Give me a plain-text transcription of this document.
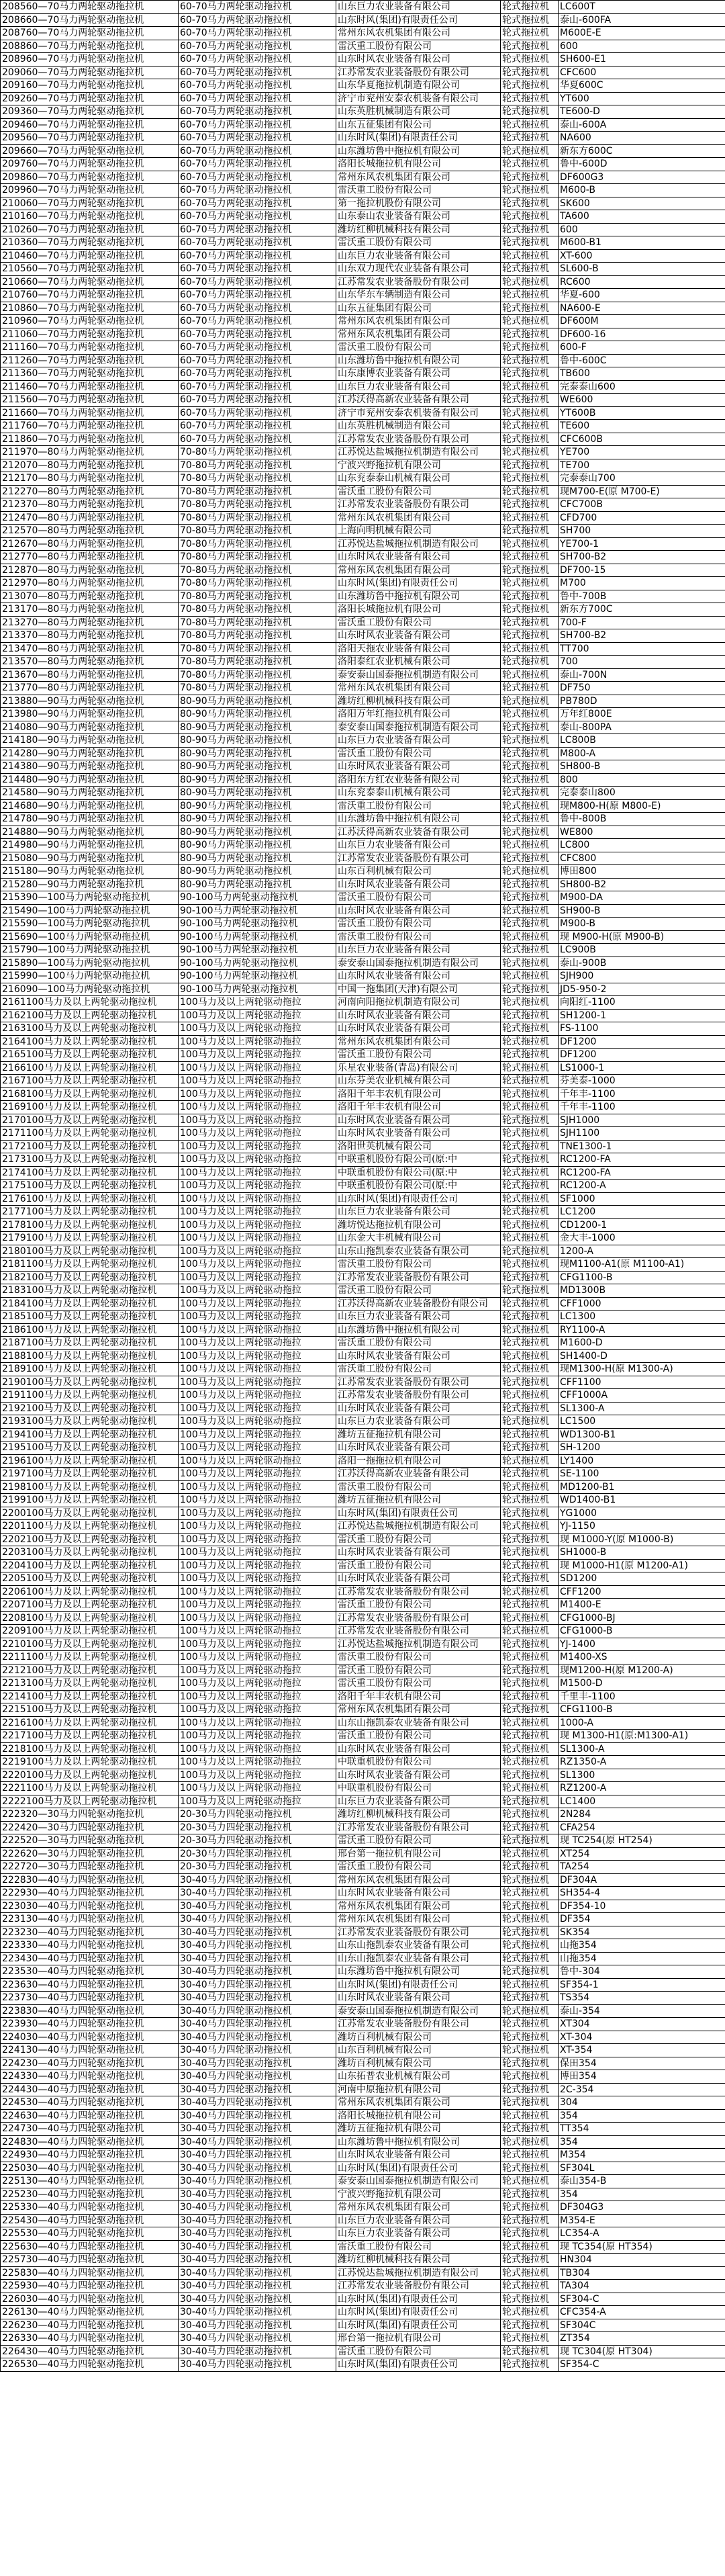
208560—70马力两轮驱动拖拉机	60-70马力两轮驱动拖拉机	山东巨力农业装备有限公司	轮式拖拉机	LC600T
208660—70马力两轮驱动拖拉机	60-70马力两轮驱动拖拉机	山东时风(集团)有限责任公司	轮式拖拉机	泰山-600FA
208760—70马力两轮驱动拖拉机	60-70马力两轮驱动拖拉机	常州东风农机集团有限公司	轮式拖拉机	M600E-E
208860—70马力两轮驱动拖拉机	60-70马力两轮驱动拖拉机	雷沃重工股份有限公司	轮式拖拉机	600
208960—70马力两轮驱动拖拉机	60-70马力两轮驱动拖拉机	山东时风农业装备有限公司	轮式拖拉机	SH600-E1
209060—70马力两轮驱动拖拉机	60-70马力两轮驱动拖拉机	江苏常发农业装备股份有限公司	轮式拖拉机	CFC600
209160—70马力两轮驱动拖拉机	60-70马力两轮驱动拖拉机	山东华夏拖拉机制造有限公司	轮式拖拉机	华夏600C
209260—70马力两轮驱动拖拉机	60-70马力两轮驱动拖拉机	济宁市兖州安泰农机装备有限公司	轮式拖拉机	YT600
209360—70马力两轮驱动拖拉机	60-70马力两轮驱动拖拉机	山东英胜机械制造有限公司	轮式拖拉机	TE600-D
209460—70马力两轮驱动拖拉机	60-70马力两轮驱动拖拉机	山东五征集团有限公司	轮式拖拉机	泰山-600A
209560—70马力两轮驱动拖拉机	60-70马力两轮驱动拖拉机	山东时风(集团)有限责任公司	轮式拖拉机	NA600
209660—70马力两轮驱动拖拉机	60-70马力两轮驱动拖拉机	山东潍坊鲁中拖拉机有限公司	轮式拖拉机	新东方600C
209760—70马力两轮驱动拖拉机	60-70马力两轮驱动拖拉机	洛阳长城拖拉机有限公司	轮式拖拉机	鲁中-600D
209860—70马力两轮驱动拖拉机	60-70马力两轮驱动拖拉机	常州东风农机集团有限公司	轮式拖拉机	DF600G3
209960—70马力两轮驱动拖拉机	60-70马力两轮驱动拖拉机	雷沃重工股份有限公司	轮式拖拉机	M600-B
210060—70马力两轮驱动拖拉机	60-70马力两轮驱动拖拉机	第一拖拉机股份有限公司	轮式拖拉机	SK600
210160—70马力两轮驱动拖拉机	60-70马力两轮驱动拖拉机	山东泰山农业装备有限公司	轮式拖拉机	TA600
210260—70马力两轮驱动拖拉机	60-70马力两轮驱动拖拉机	潍坊红柳机械科技有限公司	轮式拖拉机	600
210360—70马力两轮驱动拖拉机	60-70马力两轮驱动拖拉机	雷沃重工股份有限公司	轮式拖拉机	M600-B1
210460—70马力两轮驱动拖拉机	60-70马力两轮驱动拖拉机	山东巨力农业装备有限公司	轮式拖拉机	XT-600
210560—70马力两轮驱动拖拉机	60-70马力两轮驱动拖拉机	山东双力现代农业装备有限公司	轮式拖拉机	SL600-B
210660—70马力两轮驱动拖拉机	60-70马力两轮驱动拖拉机	江苏常发农业装备股份有限公司	轮式拖拉机	RC600
210760—70马力两轮驱动拖拉机	60-70马力两轮驱动拖拉机	山东华东车辆制造有限公司	轮式拖拉机	华夏-600
210860—70马力两轮驱动拖拉机	60-70马力两轮驱动拖拉机	山东五征集团有限公司	轮式拖拉机	NA600-E
210960—70马力两轮驱动拖拉机	60-70马力两轮驱动拖拉机	常州东风农机集团有限公司	轮式拖拉机	DF600M
211060—70马力两轮驱动拖拉机	60-70马力两轮驱动拖拉机	常州东风农机集团有限公司	轮式拖拉机	DF600-16
211160—70马力两轮驱动拖拉机	60-70马力两轮驱动拖拉机	雷沃重工股份有限公司	轮式拖拉机	600-F
211260—70马力两轮驱动拖拉机	60-70马力两轮驱动拖拉机	山东潍坊鲁中拖拉机有限公司	轮式拖拉机	鲁中-600C
211360—70马力两轮驱动拖拉机	60-70马力两轮驱动拖拉机	山东康博农业装备有限公司	轮式拖拉机	TB600
211460—70马力两轮驱动拖拉机	60-70马力两轮驱动拖拉机	山东巨力农业装备有限公司	轮式拖拉机	完泰泰山600
211560—70马力两轮驱动拖拉机	60-70马力两轮驱动拖拉机	江苏沃得高新农业装备有限公司	轮式拖拉机	WE600
211660—70马力两轮驱动拖拉机	60-70马力两轮驱动拖拉机	济宁市兖州安泰农机装备有限公司	轮式拖拉机	YT600B
211760—70马力两轮驱动拖拉机	60-70马力两轮驱动拖拉机	山东英胜机械制造有限公司	轮式拖拉机	TE600
211860—70马力两轮驱动拖拉机	60-70马力两轮驱动拖拉机	江苏常发农业装备股份有限公司	轮式拖拉机	CFC600B
211970—80马力两轮驱动拖拉机	70-80马力两轮驱动拖拉机	江苏悦达盐城拖拉机制造有限公司	轮式拖拉机	YE700
212070—80马力两轮驱动拖拉机	70-80马力两轮驱动拖拉机	宁波兴野拖拉机有限公司	轮式拖拉机	TE700
212170—80马力两轮驱动拖拉机	70-80马力两轮驱动拖拉机	山东兖泰泰山机械有限公司	轮式拖拉机	完泰泰山700
212270—80马力两轮驱动拖拉机	70-80马力两轮驱动拖拉机	雷沃重工股份有限公司	轮式拖拉机	现M700-E(原 M700-E)
212370—80马力两轮驱动拖拉机	70-80马力两轮驱动拖拉机	江苏常发农业装备股份有限公司	轮式拖拉机	CFC700B
212470—80马力两轮驱动拖拉机	70-80马力两轮驱动拖拉机	常州东风农机集团有限公司	轮式拖拉机	CFD700
212570—80马力两轮驱动拖拉机	70-80马力两轮驱动拖拉机	上海向明机械有限公司	轮式拖拉机	SH700
212670—80马力两轮驱动拖拉机	70-80马力两轮驱动拖拉机	江苏悦达盐城拖拉机制造有限公司	轮式拖拉机	YE700-1
212770—80马力两轮驱动拖拉机	70-80马力两轮驱动拖拉机	山东时风农业装备有限公司	轮式拖拉机	SH700-B2
212870—80马力两轮驱动拖拉机	70-80马力两轮驱动拖拉机	常州东风农机集团有限公司	轮式拖拉机	DF700-15
212970—80马力两轮驱动拖拉机	70-80马力两轮驱动拖拉机	山东时风(集团)有限责任公司	轮式拖拉机	M700
213070—80马力两轮驱动拖拉机	70-80马力两轮驱动拖拉机	山东潍坊鲁中拖拉机有限公司	轮式拖拉机	鲁中-700B
213170—80马力两轮驱动拖拉机	70-80马力两轮驱动拖拉机	洛阳长城拖拉机有限公司	轮式拖拉机	新东方700C
213270—80马力两轮驱动拖拉机	70-80马力两轮驱动拖拉机	雷沃重工股份有限公司	轮式拖拉机	700-F
213370—80马力两轮驱动拖拉机	70-80马力两轮驱动拖拉机	山东时风农业装备有限公司	轮式拖拉机	SH700-B2
213470—80马力两轮驱动拖拉机	70-80马力两轮驱动拖拉机	洛阳天拖农业装备有限公司	轮式拖拉机	TT700
213570—80马力两轮驱动拖拉机	70-80马力两轮驱动拖拉机	洛阳泰红农业机械有限公司	轮式拖拉机	700
213670—80马力两轮驱动拖拉机	70-80马力两轮驱动拖拉机	泰安泰山国泰拖拉机制造有限公司	轮式拖拉机	泰山-700N
213770—80马力两轮驱动拖拉机	70-80马力两轮驱动拖拉机	常州东风农机集团有限公司	轮式拖拉机	DF750
213880—90马力两轮驱动拖拉机	80-90马力两轮驱动拖拉机	潍坊红柳机械科技有限公司	轮式拖拉机	PB780D
213980—90马力两轮驱动拖拉机	80-90马力两轮驱动拖拉机	洛阳万年红拖拉机有限公司	轮式拖拉机	万年红800E
214080—90马力两轮驱动拖拉机	80-90马力两轮驱动拖拉机	泰安泰山国泰拖拉机制造有限公司	轮式拖拉机	泰山-800PA
214180—90马力两轮驱动拖拉机	80-90马力两轮驱动拖拉机	山东巨力农业装备有限公司	轮式拖拉机	LC800B
214280—90马力两轮驱动拖拉机	80-90马力两轮驱动拖拉机	雷沃重工股份有限公司	轮式拖拉机	M800-A
214380—90马力两轮驱动拖拉机	80-90马力两轮驱动拖拉机	山东时风农业装备有限公司	轮式拖拉机	SH800-B
214480—90马力两轮驱动拖拉机	80-90马力两轮驱动拖拉机	洛阳东方红农业装备有限公司	轮式拖拉机	800
214580—90马力两轮驱动拖拉机	80-90马力两轮驱动拖拉机	山东兖泰泰山机械有限公司	轮式拖拉机	完泰泰山800
214680—90马力两轮驱动拖拉机	80-90马力两轮驱动拖拉机	雷沃重工股份有限公司	轮式拖拉机	现M800-H(原 M800-E)
214780—90马力两轮驱动拖拉机	80-90马力两轮驱动拖拉机	山东潍坊鲁中拖拉机有限公司	轮式拖拉机	鲁中-800B
214880—90马力两轮驱动拖拉机	80-90马力两轮驱动拖拉机	江苏沃得高新农业装备有限公司	轮式拖拉机	WE800
214980—90马力两轮驱动拖拉机	80-90马力两轮驱动拖拉机	山东巨力农业装备有限公司	轮式拖拉机	LC800
215080—90马力两轮驱动拖拉机	80-90马力两轮驱动拖拉机	江苏常发农业装备股份有限公司	轮式拖拉机	CFC800
215180—90马力两轮驱动拖拉机	80-90马力两轮驱动拖拉机	山东百利机械有限公司	轮式拖拉机	博田800
215280—90马力两轮驱动拖拉机	80-90马力两轮驱动拖拉机	山东时风农业装备有限公司	轮式拖拉机	SH800-B2
215390—100马力两轮驱动拖拉机	90-100马力两轮驱动拖拉机	雷沃重工股份有限公司	轮式拖拉机	M900-DA
215490—100马力两轮驱动拖拉机	90-100马力两轮驱动拖拉机	山东时风农业装备有限公司	轮式拖拉机	SH900-B
215590—100马力两轮驱动拖拉机	90-100马力两轮驱动拖拉机	雷沃重工股份有限公司	轮式拖拉机	M900-B
215690—100马力两轮驱动拖拉机	90-100马力两轮驱动拖拉机	雷沃重工股份有限公司	轮式拖拉机	现 M900-H(原 M900-B)
215790—100马力两轮驱动拖拉机	90-100马力两轮驱动拖拉机	山东巨力农业装备有限公司	轮式拖拉机	LC900B
215890—100马力两轮驱动拖拉机	90-100马力两轮驱动拖拉机	泰安泰山国泰拖拉机制造有限公司	轮式拖拉机	泰山-900B
215990—100马力两轮驱动拖拉机	90-100马力两轮驱动拖拉机	山东时风农业装备有限公司	轮式拖拉机	SJH900
216090—100马力两轮驱动拖拉机	90-100马力两轮驱动拖拉机	中国一拖集团(天津)有限公司	轮式拖拉机	JD5-950-2
2161100马力及以上两轮驱动拖拉机	100马力及以上两轮驱动拖拉	河南向阳拖拉机制造有限公司	轮式拖拉机	向阳红-1100
2162100马力及以上两轮驱动拖拉机	100马力及以上两轮驱动拖拉	山东时风农业装备有限公司	轮式拖拉机	SH1200-1
2163100马力及以上两轮驱动拖拉机	100马力及以上两轮驱动拖拉	山东时风农业装备有限公司	轮式拖拉机	FS-1100
2164100马力及以上两轮驱动拖拉机	100马力及以上两轮驱动拖拉	常州东风农机集团有限公司	轮式拖拉机	DF1200
2165100马力及以上两轮驱动拖拉机	100马力及以上两轮驱动拖拉	雷沃重工股份有限公司	轮式拖拉机	DF1200
2166100马力及以上两轮驱动拖拉机	100马力及以上两轮驱动拖拉	乐星农业装备(青岛)有限公司	轮式拖拉机	LS1000-1
2167100马力及以上两轮驱动拖拉机	100马力及以上两轮驱动拖拉	山东芬美农业机械有限公司	轮式拖拉机	芬美泰-1000
2168100马力及以上两轮驱动拖拉机	100马力及以上两轮驱动拖拉	洛阳千年丰农机有限公司	轮式拖拉机	千年丰-1100
2169100马力及以上两轮驱动拖拉机	100马力及以上两轮驱动拖拉	洛阳千年丰农机有限公司	轮式拖拉机	千年丰-1100
2170100马力及以上两轮驱动拖拉机	100马力及以上两轮驱动拖拉	山东时风农业装备有限公司	轮式拖拉机	SJH1000
2171100马力及以上两轮驱动拖拉机	100马力及以上两轮驱动拖拉	山东时风农业装备有限公司	轮式拖拉机	SJH1100
2172100马力及以上两轮驱动拖拉机	100马力及以上两轮驱动拖拉	洛阳世英机械有限公司	轮式拖拉机	TNE1300-1
2173100马力及以上两轮驱动拖拉机	100马力及以上两轮驱动拖拉	中联重机股份有限公司(原:中	轮式拖拉机	RC1200-FA
2174100马力及以上两轮驱动拖拉机	100马力及以上两轮驱动拖拉	中联重机股份有限公司(原:中	轮式拖拉机	RC1200-FA
2175100马力及以上两轮驱动拖拉机	100马力及以上两轮驱动拖拉	中联重机股份有限公司(原:中	轮式拖拉机	RC1200-A
2176100马力及以上两轮驱动拖拉机	100马力及以上两轮驱动拖拉	山东时风(集团)有限责任公司	轮式拖拉机	SF1000
2177100马力及以上两轮驱动拖拉机	100马力及以上两轮驱动拖拉	山东巨力农业装备有限公司	轮式拖拉机	LC1200
2178100马力及以上两轮驱动拖拉机	100马力及以上两轮驱动拖拉	潍坊悦达拖拉机有限公司	轮式拖拉机	CD1200-1
2179100马力及以上两轮驱动拖拉机	100马力及以上两轮驱动拖拉	山东金大丰机械有限公司	轮式拖拉机	金大丰-1000
2180100马力及以上两轮驱动拖拉机	100马力及以上两轮驱动拖拉	山东山拖凯泰农业装备有限公司	轮式拖拉机	1200-A
2181100马力及以上两轮驱动拖拉机	100马力及以上两轮驱动拖拉	雷沃重工股份有限公司	轮式拖拉机	现M1100-A1(原 M1100-A1)
2182100马力及以上两轮驱动拖拉机	100马力及以上两轮驱动拖拉	江苏常发农业装备股份有限公司	轮式拖拉机	CFG1100-B
2183100马力及以上两轮驱动拖拉机	100马力及以上两轮驱动拖拉	雷沃重工股份有限公司	轮式拖拉机	MD1300B
2184100马力及以上两轮驱动拖拉机	100马力及以上两轮驱动拖拉	江苏沃得高新农业装备股份有限公司	轮式拖拉机	CFF1000
2185100马力及以上两轮驱动拖拉机	100马力及以上两轮驱动拖拉	山东巨力农业装备有限公司	轮式拖拉机	LC1300
2186100马力及以上两轮驱动拖拉机	100马力及以上两轮驱动拖拉	山东潍坊鲁中拖拉机有限公司	轮式拖拉机	RY1100-A
2187100马力及以上两轮驱动拖拉机	100马力及以上两轮驱动拖拉	雷沃重工股份有限公司	轮式拖拉机	M1600-D
2188100马力及以上两轮驱动拖拉机	100马力及以上两轮驱动拖拉	山东时风农业装备有限公司	轮式拖拉机	SH1400-D
2189100马力及以上两轮驱动拖拉机	100马力及以上两轮驱动拖拉	雷沃重工股份有限公司	轮式拖拉机	现M1300-H(原 M1300-A)
2190100马力及以上两轮驱动拖拉机	100马力及以上两轮驱动拖拉	江苏常发农业装备股份有限公司	轮式拖拉机	CFF1100
2191100马力及以上两轮驱动拖拉机	100马力及以上两轮驱动拖拉	江苏常发农业装备股份有限公司	轮式拖拉机	CFF1000A
2192100马力及以上两轮驱动拖拉机	100马力及以上两轮驱动拖拉	山东时风农业装备有限公司	轮式拖拉机	SL1300-A
2193100马力及以上两轮驱动拖拉机	100马力及以上两轮驱动拖拉	山东巨力农业装备有限公司	轮式拖拉机	LC1500
2194100马力及以上两轮驱动拖拉机	100马力及以上两轮驱动拖拉	潍坊五征拖拉机有限公司	轮式拖拉机	WD1300-B1
2195100马力及以上两轮驱动拖拉机	100马力及以上两轮驱动拖拉	山东时风农业装备有限公司	轮式拖拉机	SH-1200
2196100马力及以上两轮驱动拖拉机	100马力及以上两轮驱动拖拉	洛阳一拖拖拉机有限公司	轮式拖拉机	LY1400
2197100马力及以上两轮驱动拖拉机	100马力及以上两轮驱动拖拉	江苏沃得高新农业装备有限公司	轮式拖拉机	SE-1100
2198100马力及以上两轮驱动拖拉机	100马力及以上两轮驱动拖拉	雷沃重工股份有限公司	轮式拖拉机	MD1200-B1
2199100马力及以上两轮驱动拖拉机	100马力及以上两轮驱动拖拉	潍坊五征拖拉机有限公司	轮式拖拉机	WD1400-B1
2200100马力及以上两轮驱动拖拉机	100马力及以上两轮驱动拖拉	山东时风(集团)有限责任公司	轮式拖拉机	YG1000
2201100马力及以上两轮驱动拖拉机	100马力及以上两轮驱动拖拉	江苏悦达盐城拖拉机制造有限公司	轮式拖拉机	YJ-1150
2202100马力及以上两轮驱动拖拉机	100马力及以上两轮驱动拖拉	雷沃重工股份有限公司	轮式拖拉机	现 M1000-Y(原 M1000-B)
2203100马力及以上两轮驱动拖拉机	100马力及以上两轮驱动拖拉	山东时风农业装备有限公司	轮式拖拉机	SH1000-B
2204100马力及以上两轮驱动拖拉机	100马力及以上两轮驱动拖拉	雷沃重工股份有限公司	轮式拖拉机	现 M1000-H1(原 M1200-A1)
2205100马力及以上两轮驱动拖拉机	100马力及以上两轮驱动拖拉	山东时风农业装备有限公司	轮式拖拉机	SD1200
2206100马力及以上两轮驱动拖拉机	100马力及以上两轮驱动拖拉	江苏常发农业装备股份有限公司	轮式拖拉机	CFF1200
2207100马力及以上两轮驱动拖拉机	100马力及以上两轮驱动拖拉	雷沃重工股份有限公司	轮式拖拉机	M1400-E
2208100马力及以上两轮驱动拖拉机	100马力及以上两轮驱动拖拉	江苏常发农业装备股份有限公司	轮式拖拉机	CFG1000-BJ
2209100马力及以上两轮驱动拖拉机	100马力及以上两轮驱动拖拉	江苏常发农业装备股份有限公司	轮式拖拉机	CFG1000-B
2210100马力及以上两轮驱动拖拉机	100马力及以上两轮驱动拖拉	江苏悦达盐城拖拉机制造有限公司	轮式拖拉机	YJ-1400
2211100马力及以上两轮驱动拖拉机	100马力及以上两轮驱动拖拉	雷沃重工股份有限公司	轮式拖拉机	M1400-XS
2212100马力及以上两轮驱动拖拉机	100马力及以上两轮驱动拖拉	雷沃重工股份有限公司	轮式拖拉机	现M1200-H(原 M1200-A)
2213100马力及以上两轮驱动拖拉机	100马力及以上两轮驱动拖拉	雷沃重工股份有限公司	轮式拖拉机	M1500-D
2214100马力及以上两轮驱动拖拉机	100马力及以上两轮驱动拖拉	洛阳千年丰农机有限公司	轮式拖拉机	千里丰-1100
2215100马力及以上两轮驱动拖拉机	100马力及以上两轮驱动拖拉	常州东风农机集团有限公司	轮式拖拉机	CFG1100-B
2216100马力及以上两轮驱动拖拉机	100马力及以上两轮驱动拖拉	山东山拖凯泰农业装备有限公司	轮式拖拉机	1000-A
2217100马力及以上两轮驱动拖拉机	100马力及以上两轮驱动拖拉	雷沃重工股份有限公司	轮式拖拉机	现 M1300-H1(原:M1300-A1)
2218100马力及以上两轮驱动拖拉机	100马力及以上两轮驱动拖拉	山东时风农业装备有限公司	轮式拖拉机	SL1300-A
2219100马力及以上两轮驱动拖拉机	100马力及以上两轮驱动拖拉	中联重机股份有限公司	轮式拖拉机	RZ1350-A
2220100马力及以上两轮驱动拖拉机	100马力及以上两轮驱动拖拉	山东时风农业装备有限公司	轮式拖拉机	SL1300
2221100马力及以上两轮驱动拖拉机	100马力及以上两轮驱动拖拉	中联重机股份有限公司	轮式拖拉机	RZ1200-A
2222100马力及以上两轮驱动拖拉机	100马力及以上两轮驱动拖拉	山东巨力农业装备有限公司	轮式拖拉机	LC1400
222320—30马力四轮驱动拖拉机	20-30马力四轮驱动拖拉机	潍坊红柳机械科技有限公司	轮式拖拉机	2N284
222420—30马力四轮驱动拖拉机	20-30马力四轮驱动拖拉机	江苏常发农业装备股份有限公司	轮式拖拉机	CFA254
222520—30马力四轮驱动拖拉机	20-30马力四轮驱动拖拉机	雷沃重工股份有限公司	轮式拖拉机	现 TC254(原 HT254)
222620—30马力四轮驱动拖拉机	20-30马力四轮驱动拖拉机	邢台第一拖拉机有限公司	轮式拖拉机	XT254
222720—30马力四轮驱动拖拉机	20-30马力四轮驱动拖拉机	雷沃重工股份有限公司	轮式拖拉机	TA254
222830—40马力四轮驱动拖拉机	30-40马力四轮驱动拖拉机	常州东风农机集团有限公司	轮式拖拉机	DF304A
222930—40马力四轮驱动拖拉机	30-40马力四轮驱动拖拉机	山东时风农业装备有限公司	轮式拖拉机	SH354-4
223030—40马力四轮驱动拖拉机	30-40马力四轮驱动拖拉机	常州东风农机集团有限公司	轮式拖拉机	DF354-10
223130—40马力四轮驱动拖拉机	30-40马力四轮驱动拖拉机	常州东风农机集团有限公司	轮式拖拉机	DF354
223230—40马力四轮驱动拖拉机	30-40马力四轮驱动拖拉机	江苏常发农业装备股份有限公司	轮式拖拉机	SK354
223330—40马力四轮驱动拖拉机	30-40马力四轮驱动拖拉机	山东山拖凯泰农业装备有限公司	轮式拖拉机	山拖354
223430—40马力四轮驱动拖拉机	30-40马力四轮驱动拖拉机	山东山拖凯泰农业装备有限公司	轮式拖拉机	山拖354
223530—40马力四轮驱动拖拉机	30-40马力四轮驱动拖拉机	山东潍坊鲁中拖拉机有限公司	轮式拖拉机	鲁中-304
223630—40马力四轮驱动拖拉机	30-40马力四轮驱动拖拉机	山东时风(集团)有限责任公司	轮式拖拉机	SF354-1
223730—40马力四轮驱动拖拉机	30-40马力四轮驱动拖拉机	山东时风农业装备有限公司	轮式拖拉机	TS354
223830—40马力四轮驱动拖拉机	30-40马力四轮驱动拖拉机	泰安泰山国泰拖拉机制造有限公司	轮式拖拉机	泰山-354
223930—40马力四轮驱动拖拉机	30-40马力四轮驱动拖拉机	江苏常发农业装备股份有限公司	轮式拖拉机	XT304
224030—40马力四轮驱动拖拉机	30-40马力四轮驱动拖拉机	潍坊百利机械有限公司	轮式拖拉机	XT-304
224130—40马力四轮驱动拖拉机	30-40马力四轮驱动拖拉机	山东百利机械有限公司	轮式拖拉机	XT-354
224230—40马力四轮驱动拖拉机	30-40马力四轮驱动拖拉机	潍坊百利机械有限公司	轮式拖拉机	保田354
224330—40马力四轮驱动拖拉机	30-40马力四轮驱动拖拉机	山东拓普农业机械有限公司	轮式拖拉机	博田354
224430—40马力四轮驱动拖拉机	30-40马力四轮驱动拖拉机	河南中原拖拉机有限公司	轮式拖拉机	2C-354
224530—40马力四轮驱动拖拉机	30-40马力四轮驱动拖拉机	常州东风农机集团有限公司	轮式拖拉机	304
224630—40马力四轮驱动拖拉机	30-40马力四轮驱动拖拉机	洛阳长城拖拉机有限公司	轮式拖拉机	354
224730—40马力四轮驱动拖拉机	30-40马力四轮驱动拖拉机	潍坊五征拖拉机有限公司	轮式拖拉机	TT354
224830—40马力四轮驱动拖拉机	30-40马力四轮驱动拖拉机	山东潍坊鲁中拖拉机有限公司	轮式拖拉机	354
224930—40马力四轮驱动拖拉机	30-40马力四轮驱动拖拉机	山东时风农业装备有限公司	轮式拖拉机	M354
225030—40马力四轮驱动拖拉机	30-40马力四轮驱动拖拉机	山东时风(集团)有限责任公司	轮式拖拉机	SF304L
225130—40马力四轮驱动拖拉机	30-40马力四轮驱动拖拉机	泰安泰山国泰拖拉机制造有限公司	轮式拖拉机	泰山354-B
225230—40马力四轮驱动拖拉机	30-40马力四轮驱动拖拉机	宁波兴野拖拉机有限公司	轮式拖拉机	354
225330—40马力四轮驱动拖拉机	30-40马力四轮驱动拖拉机	常州东风农机集团有限公司	轮式拖拉机	DF304G3
225430—40马力四轮驱动拖拉机	30-40马力四轮驱动拖拉机	山东巨力农业装备有限公司	轮式拖拉机	M354-E
225530—40马力四轮驱动拖拉机	30-40马力四轮驱动拖拉机	山东巨力农业装备有限公司	轮式拖拉机	LC354-A
225630—40马力四轮驱动拖拉机	30-40马力四轮驱动拖拉机	雷沃重工股份有限公司	轮式拖拉机	现 TC354(原 HT354)
225730—40马力四轮驱动拖拉机	30-40马力四轮驱动拖拉机	潍坊红柳机械科技有限公司	轮式拖拉机	HN304
225830—40马力四轮驱动拖拉机	30-40马力四轮驱动拖拉机	江苏悦达盐城拖拉机制造有限公司	轮式拖拉机	TB304
225930—40马力四轮驱动拖拉机	30-40马力四轮驱动拖拉机	江苏常发农业装备股份有限公司	轮式拖拉机	TA304
226030—40马力四轮驱动拖拉机	30-40马力四轮驱动拖拉机	山东时风(集团)有限责任公司	轮式拖拉机	SF304-C
226130—40马力四轮驱动拖拉机	30-40马力四轮驱动拖拉机	山东时风(集团)有限责任公司	轮式拖拉机	CFC354-A
226230—40马力四轮驱动拖拉机	30-40马力四轮驱动拖拉机	山东时风(集团)有限责任公司	轮式拖拉机	SF304C
226330—40马力四轮驱动拖拉机	30-40马力四轮驱动拖拉机	邢台第一拖拉机有限公司	轮式拖拉机	ZT354
226430—40马力四轮驱动拖拉机	30-40马力四轮驱动拖拉机	雷沃重工股份有限公司	轮式拖拉机	现 TC304(原 HT304)
226530—40马力四轮驱动拖拉机	30-40马力四轮驱动拖拉机	山东时风(集团)有限责任公司	轮式拖拉机	SF354-C
